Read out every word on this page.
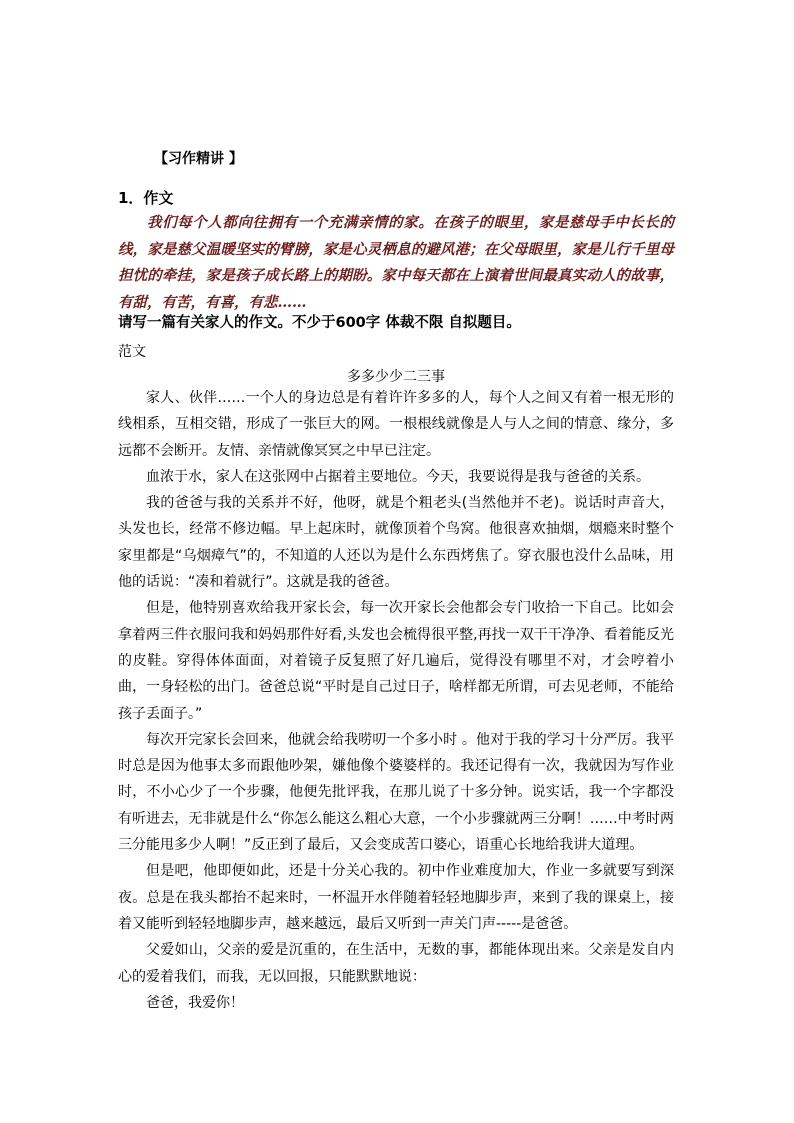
【习作精讲 】
1．作文
我们每个人都向往拥有一个充满亲情的家。在孩子的眼里，家是慈母手中长长的线，家是慈父温暖坚实的臂膀，家是心灵栖息的避风港；在父母眼里，家是儿行千里母担忧的牵挂，家是孩子成长路上的期盼。家中每天都在上演着世间最真实动人的故事，有甜，有苦，有喜，有悲……
请写一篇有关家人的作文。不少于600字 体裁不限 自拟题目。
范文
多多少少二三事

家人、伙伴……一个人的身边总是有着许许多多的人，每个人之间又有着一根无形的线相系，互相交错，形成了一张巨大的网。一根根线就像是人与人之间的情意、缘分，多远都不会断开。友情、亲情就像冥冥之中早已注定。

血浓于水，家人在这张网中占据着主要地位。今天，我要说得是我与爸爸的关系。

我的爸爸与我的关系并不好，他呀，就是个粗老头(当然他并不老)。说话时声音大，头发也长，经常不修边幅。早上起床时，就像顶着个鸟窝。他很喜欢抽烟，烟瘾来时整个家里都是“乌烟瘴气”的，不知道的人还以为是什么东西烤焦了。穿衣服也没什么品味，用他的话说：“凑和着就行”。这就是我的爸爸。

但是，他特别喜欢给我开家长会，每一次开家长会他都会专门收拾一下自己。比如会拿着两三件衣服问我和妈妈那件好看,头发也会梳得很平整,再找一双干干净净、看着能反光的皮鞋。穿得体体面面，对着镜子反复照了好几遍后，觉得没有哪里不对，才会哼着小曲，一身轻松的出门。爸爸总说“平时是自己过日子，啥样都无所谓，可去见老师，不能给孩子丢面子。”

每次开完家长会回来，他就会给我唠叨一个多小时 。他对于我的学习十分严厉。我平时总是因为他事太多而跟他吵架，嫌他像个婆婆样的。我还记得有一次，我就因为写作业时，不小心少了一个步骤，他便先批评我，在那儿说了十多分钟。说实话，我一个字都没有听进去，无非就是什么“你怎么能这么粗心大意，一个小步骤就两三分啊！……中考时两三分能甩多少人啊！”反正到了最后，又会变成苦口婆心，语重心长地给我讲大道理。

但是吧，他即便如此，还是十分关心我的。初中作业难度加大，作业一多就要写到深夜。总是在我头都抬不起来时，一杯温开水伴随着轻轻地脚步声，来到了我的课桌上，接着又能听到轻轻地脚步声，越来越远，最后又听到一声关门声-----是爸爸。

父爱如山，父亲的爱是沉重的，在生活中，无数的事，都能体现出来。父亲是发自内心的爱着我们，而我，无以回报，只能默默地说：

爸爸，我爱你！
